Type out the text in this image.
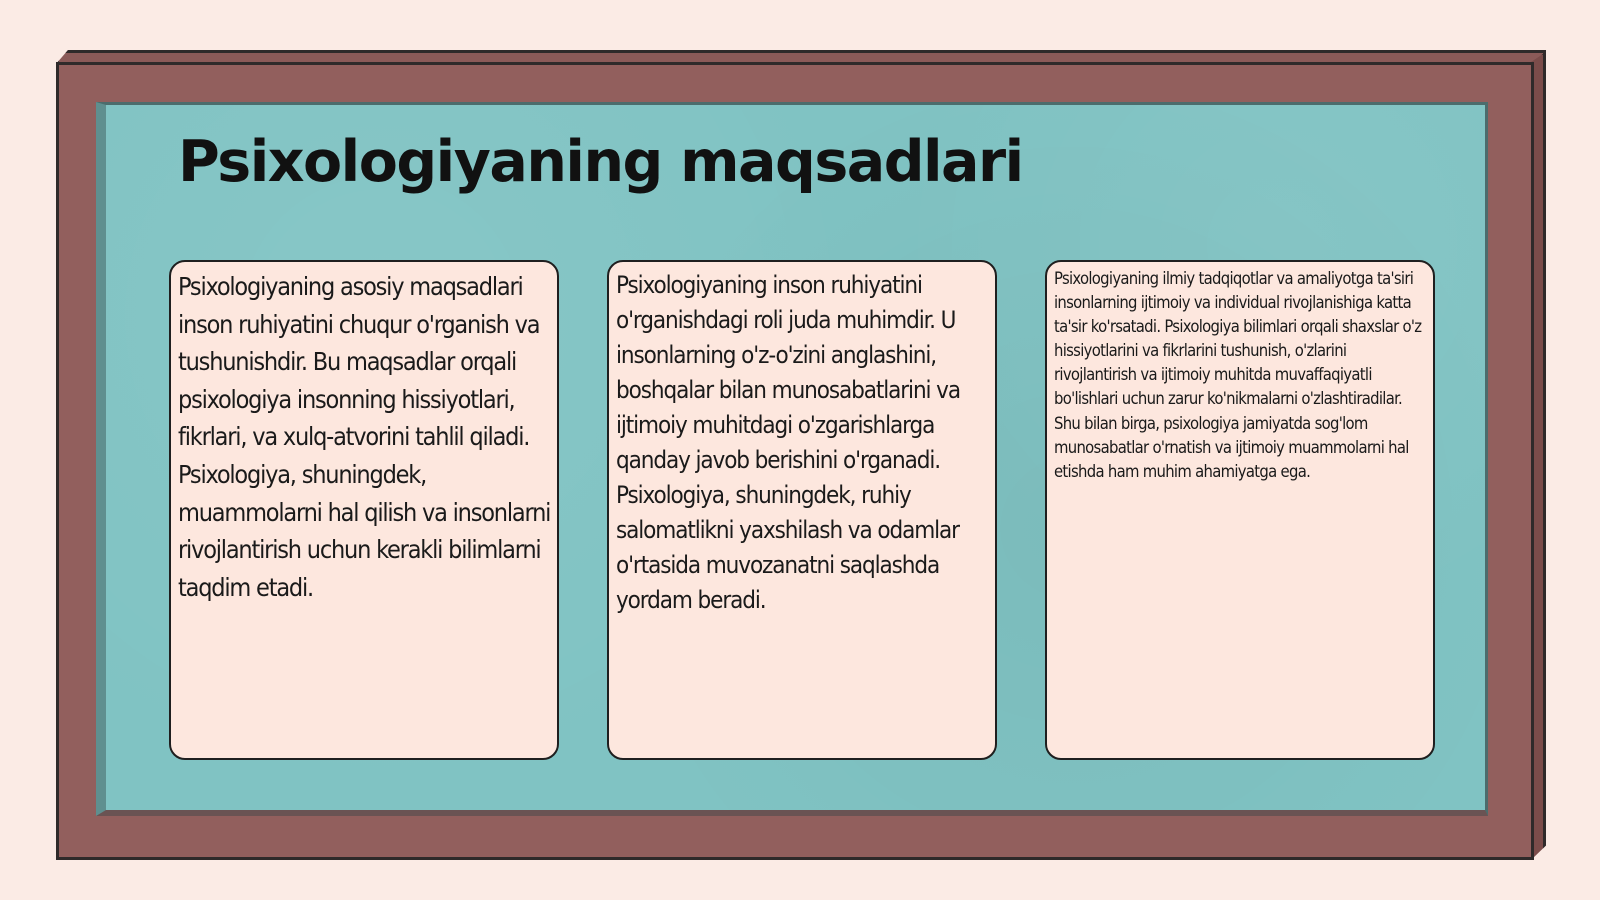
Psixologiyaning maqsadlari

Psixologiyaning asosiy maqsadlari inson ruhiyatini chuqur o'rganish va tushunishdir. Bu maqsadlar orqali psixologiya insonning hissiyotlari, fikrlari, va xulq-atvorini tahlil qiladi. Psixologiya, shuningdek, muammolarni hal qilish va insonlarni rivojlantirish uchun kerakli bilimlarni taqdim etadi.

Psixologiyaning inson ruhiyatini o'rganishdagi roli juda muhimdir. U insonlarning o'z-o'zini anglashini, boshqalar bilan munosabatlarini va ijtimoiy muhitdagi o'zgarishlarga qanday javob berishini o'rganadi. Psixologiya, shuningdek, ruhiy salomatlikni yaxshilash va odamlar o'rtasida muvozanatni saqlashda yordam beradi.

Psixologiyaning ilmiy tadqiqotlar va amaliyotga ta'siri insonlarning ijtimoiy va individual rivojlanishiga katta ta'sir ko'rsatadi. Psixologiya bilimlari orqali shaxslar o'z hissiyotlarini va fikrlarini tushunish, o'zlarini rivojlantirish va ijtimoiy muhitda muvaffaqiyatli bo'lishlari uchun zarur ko'nikmalarni o'zlashtiradilar. Shu bilan birga, psixologiya jamiyatda sog'lom munosabatlar o'rnatish va ijtimoiy muammolarni hal etishda ham muhim ahamiyatga ega.
